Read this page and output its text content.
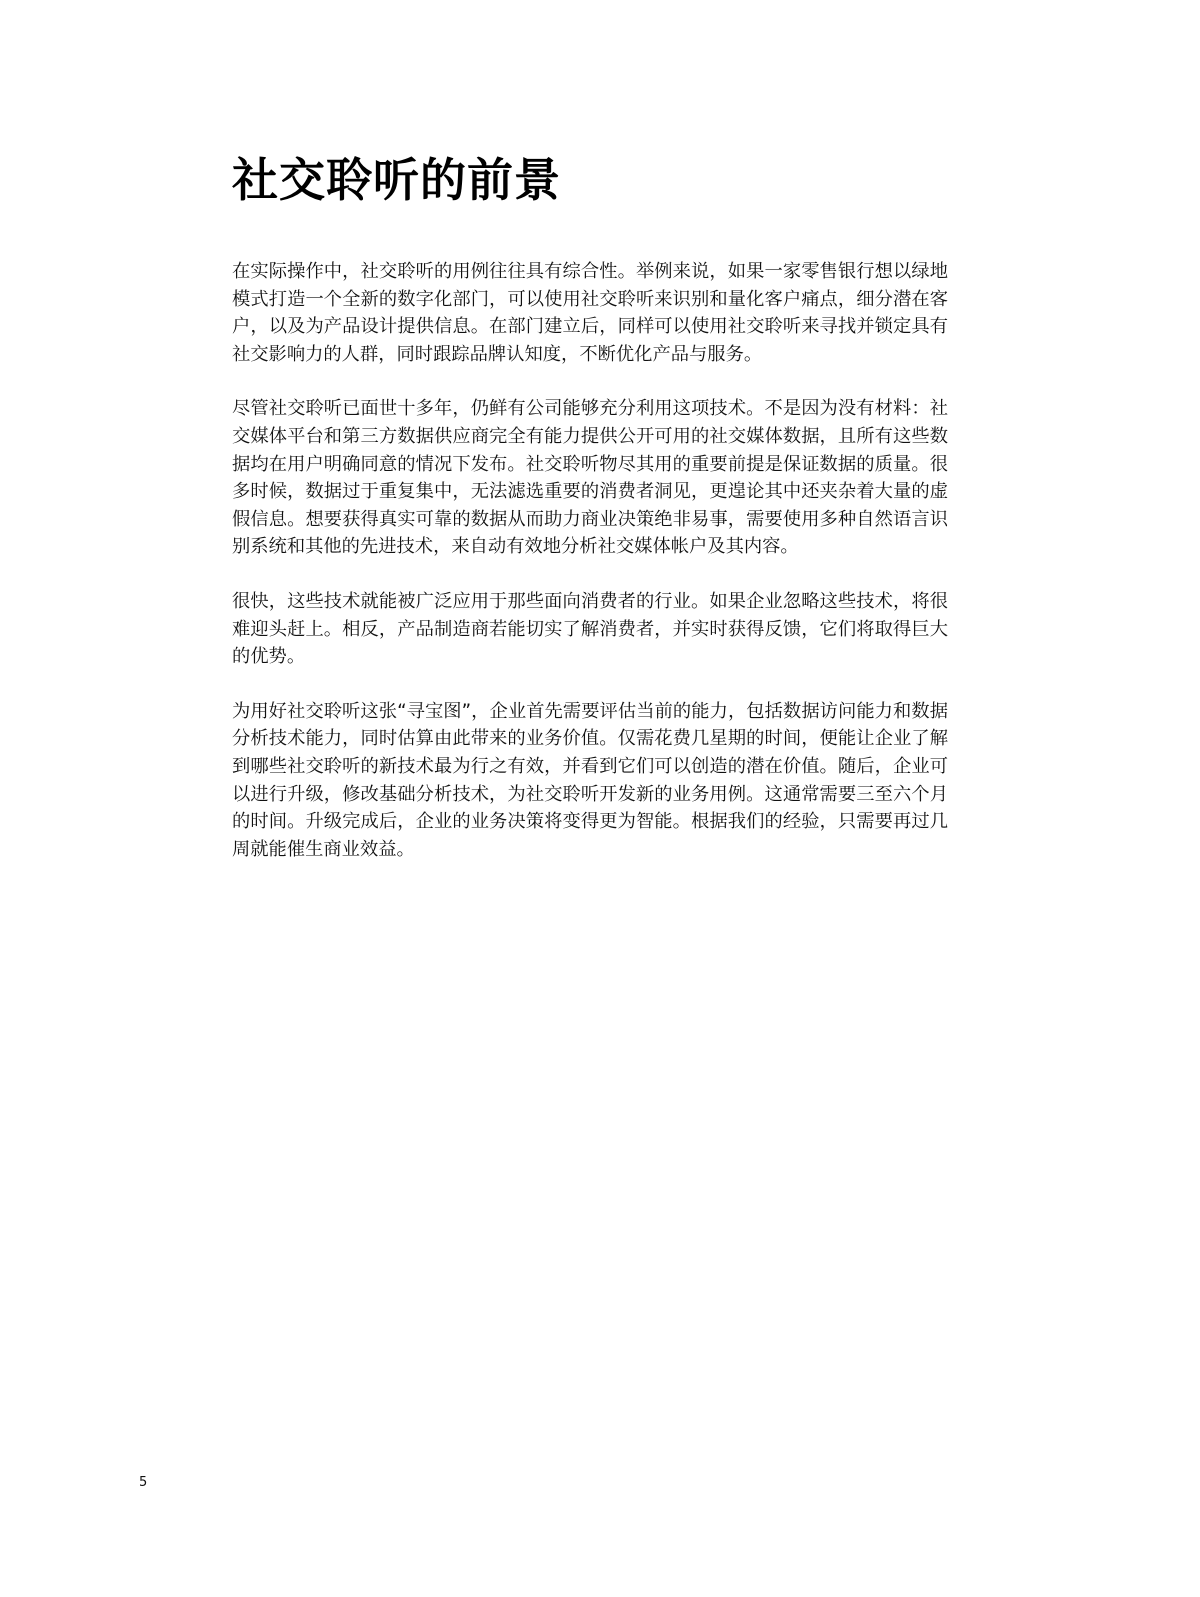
社交聆听的前景

在实际操作中，社交聆听的用例往往具有综合性。举例来说，如果一家零售银行想以绿地模式打造一个全新的数字化部门，可以使用社交聆听来识别和量化客户痛点，细分潜在客户，以及为产品设计提供信息。在部门建立后，同样可以使用社交聆听来寻找并锁定具有社交影响力的人群，同时跟踪品牌认知度，不断优化产品与服务。

尽管社交聆听已面世十多年，仍鲜有公司能够充分利用这项技术。不是因为没有材料：社交媒体平台和第三方数据供应商完全有能力提供公开可用的社交媒体数据，且所有这些数据均在用户明确同意的情况下发布。社交聆听物尽其用的重要前提是保证数据的质量。很多时候，数据过于重复集中，无法滤选重要的消费者洞见，更遑论其中还夹杂着大量的虚假信息。想要获得真实可靠的数据从而助力商业决策绝非易事，需要使用多种自然语言识别系统和其他的先进技术，来自动有效地分析社交媒体帐户及其内容。

很快，这些技术就能被广泛应用于那些面向消费者的行业。如果企业忽略这些技术，将很难迎头赶上。相反，产品制造商若能切实了解消费者，并实时获得反馈，它们将取得巨大的优势。

为用好社交聆听这张“寻宝图”，企业首先需要评估当前的能力，包括数据访问能力和数据分析技术能力，同时估算由此带来的业务价值。仅需花费几星期的时间，便能让企业了解到哪些社交聆听的新技术最为行之有效，并看到它们可以创造的潜在价值。随后，企业可以进行升级，修改基础分析技术，为社交聆听开发新的业务用例。这通常需要三至六个月的时间。升级完成后，企业的业务决策将变得更为智能。根据我们的经验，只需要再过几周就能催生商业效益。

5
